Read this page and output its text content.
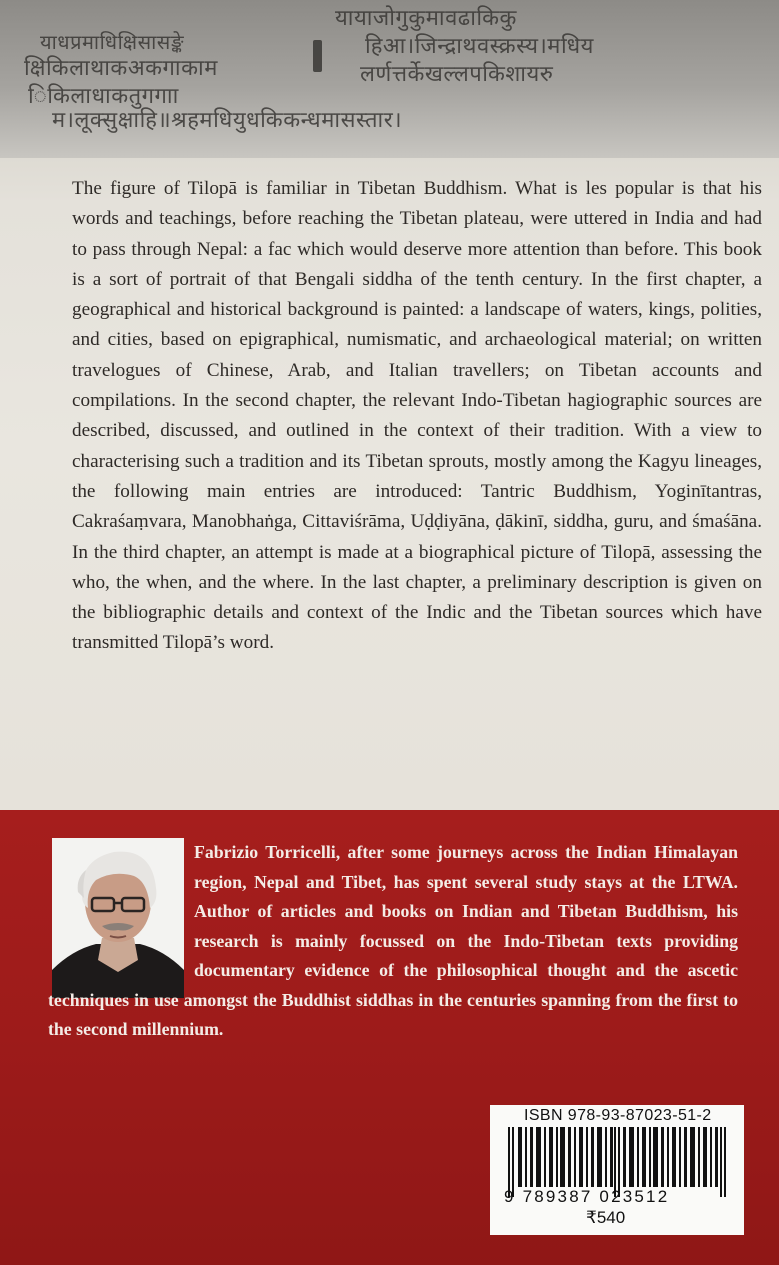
याधप्रमाधिक्षिसासङ्के
यायाजोगुकुमावढाकिकु
हिआ।जिन्द्राथवस्क्रस्य।मधिय
क्षिकिलाथाकअकगाकाम	लर्णत्तर्केखल्लपकिशायरु
िकिलाधाकतुगगाा
म।लूक्सुक्षाहि॥श्रहमधियुधकिकन्धमासस्तार।

The figure of Tilopā is familiar in Tibetan Buddhism. What is les popular is that his words and teachings, before reaching the Tibetan plateau, were uttered in India and had to pass through Nepal: a fac which would deserve more attention than before. This book is a sort of portrait of that Bengali siddha of the tenth century. In the first chapter, a geographical and historical background is painted: a landscape of waters, kings, polities, and cities, based on epigraphical, numismatic, and archaeological material; on written travelogues of Chinese, Arab, and Italian travellers; on Tibetan accounts and compilations. In the second chapter, the relevant Indo-Tibetan hagiographic sources are described, discussed, and outlined in the context of their tradition. With a view to characterising such a tradition and its Tibetan sprouts, mostly among the Kagyu lineages, the following main entries are introduced: Tantric Buddhism, Yoginītantras, Cakraśaṃvara, Manobhaṅga, Cittaviśrāma, Uḍḍiyāna, ḍākinī, siddha, guru, and śmaśāna. In the third chapter, an attempt is made at a biographical picture of Tilopā, assessing the who, the when, and the where. In the last chapter, a preliminary description is given on the bibliographic details and context of the Indic and the Tibetan sources which have transmitted Tilopā’s word.

Fabrizio Torricelli, after some journeys across the Indian Himalayan region, Nepal and Tibet, has spent several study stays at the LTWA. Author of articles and books on Indian and Tibetan Buddhism, his research is mainly focussed on the Indo-Tibetan texts providing documentary evidence of the philosophical thought and the ascetic techniques in use amongst the Buddhist siddhas in the centuries spanning from the first to the second millennium.

ISBN 978-93-87023-51-2
9 789387 023512
₹540
